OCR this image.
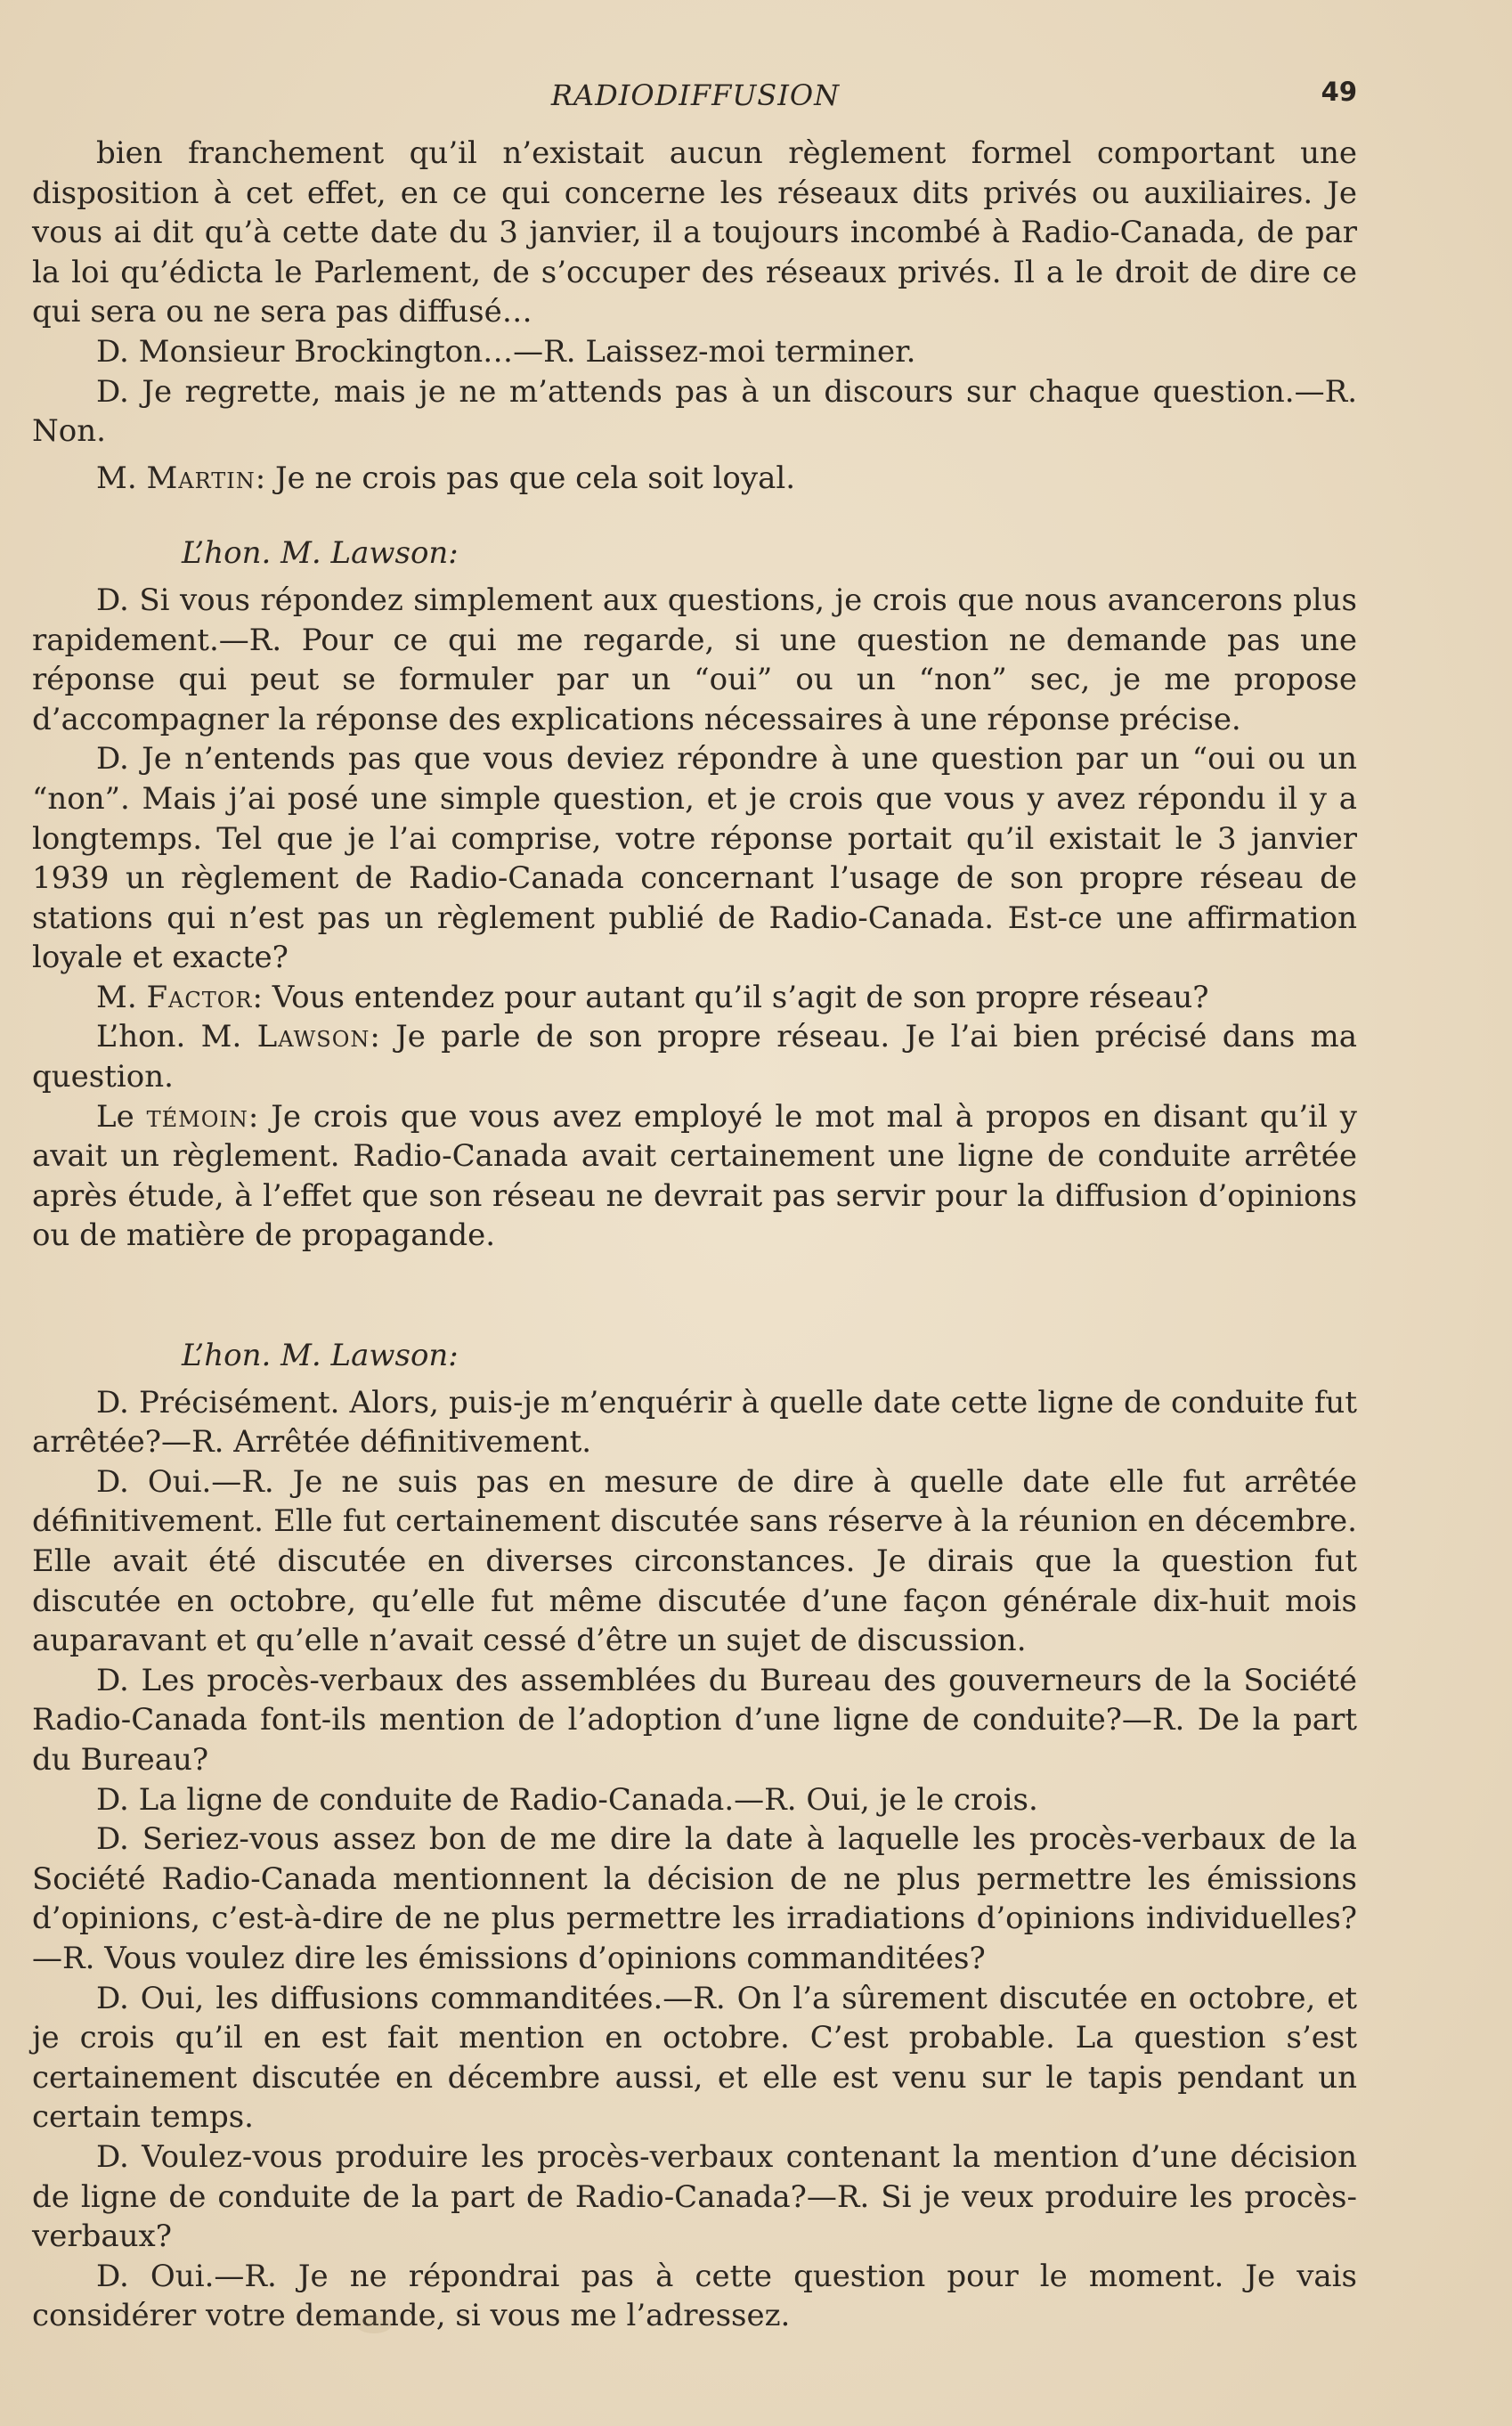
RADIODIFFUSION	49

bien franchement qu’il n’existait aucun règlement formel comportant une disposition à cet effet, en ce qui concerne les réseaux dits privés ou auxiliaires. Je vous ai dit qu’à cette date du 3 janvier, il a toujours incombé à Radio-Canada, de par la loi qu’édicta le Parlement, de s’occuper des réseaux privés. Il a le droit de dire ce qui sera ou ne sera pas diffusé…

D. Monsieur Brockington…—R. Laissez-moi terminer.

D. Je regrette, mais je ne m’attends pas à un discours sur chaque question.—R. Non.

M. Martin: Je ne crois pas que cela soit loyal.

L’hon. M. Lawson:

D. Si vous répondez simplement aux questions, je crois que nous avancerons plus rapidement.—R. Pour ce qui me regarde, si une question ne demande pas une réponse qui peut se formuler par un “oui” ou un “non” sec, je me propose d’accompagner la réponse des explications nécessaires à une réponse précise.

D. Je n’entends pas que vous deviez répondre à une question par un “oui ou un “non”. Mais j’ai posé une simple question, et je crois que vous y avez répondu il y a longtemps. Tel que je l’ai comprise, votre réponse portait qu’il existait le 3 janvier 1939 un règlement de Radio-Canada concernant l’usage de son propre réseau de stations qui n’est pas un règlement publié de Radio-Canada. Est-ce une affirmation loyale et exacte?

M. Factor: Vous entendez pour autant qu’il s’agit de son propre réseau?

L’hon. M. Lawson: Je parle de son propre réseau. Je l’ai bien précisé dans ma question.

Le témoin: Je crois que vous avez employé le mot mal à propos en disant qu’il y avait un règlement. Radio-Canada avait certainement une ligne de conduite arrêtée après étude, à l’effet que son réseau ne devrait pas servir pour la diffusion d’opinions ou de matière de propagande.

L’hon. M. Lawson:

D. Précisément. Alors, puis-je m’enquérir à quelle date cette ligne de conduite fut arrêtée?—R. Arrêtée définitivement.

D. Oui.—R. Je ne suis pas en mesure de dire à quelle date elle fut arrêtée définitivement. Elle fut certainement discutée sans réserve à la réunion en décembre. Elle avait été discutée en diverses circonstances. Je dirais que la question fut discutée en octobre, qu’elle fut même discutée d’une façon générale dix-huit mois auparavant et qu’elle n’avait cessé d’être un sujet de discussion.

D. Les procès-verbaux des assemblées du Bureau des gouverneurs de la Société Radio-Canada font-ils mention de l’adoption d’une ligne de conduite?—R. De la part du Bureau?

D. La ligne de conduite de Radio-Canada.—R. Oui, je le crois.

D. Seriez-vous assez bon de me dire la date à laquelle les procès-verbaux de la Société Radio-Canada mentionnent la décision de ne plus permettre les émissions d’opinions, c’est-à-dire de ne plus permettre les irradiations d’opinions individuelles?—R. Vous voulez dire les émissions d’opinions commanditées?

D. Oui, les diffusions commanditées.—R. On l’a sûrement discutée en octobre, et je crois qu’il en est fait mention en octobre. C’est probable. La question s’est certainement discutée en décembre aussi, et elle est venu sur le tapis pendant un certain temps.

D. Voulez-vous produire les procès-verbaux contenant la mention d’une décision de ligne de conduite de la part de Radio-Canada?—R. Si je veux produire les procès-verbaux?

D. Oui.—R. Je ne répondrai pas à cette question pour le moment. Je vais considérer votre demande, si vous me l’adressez.
